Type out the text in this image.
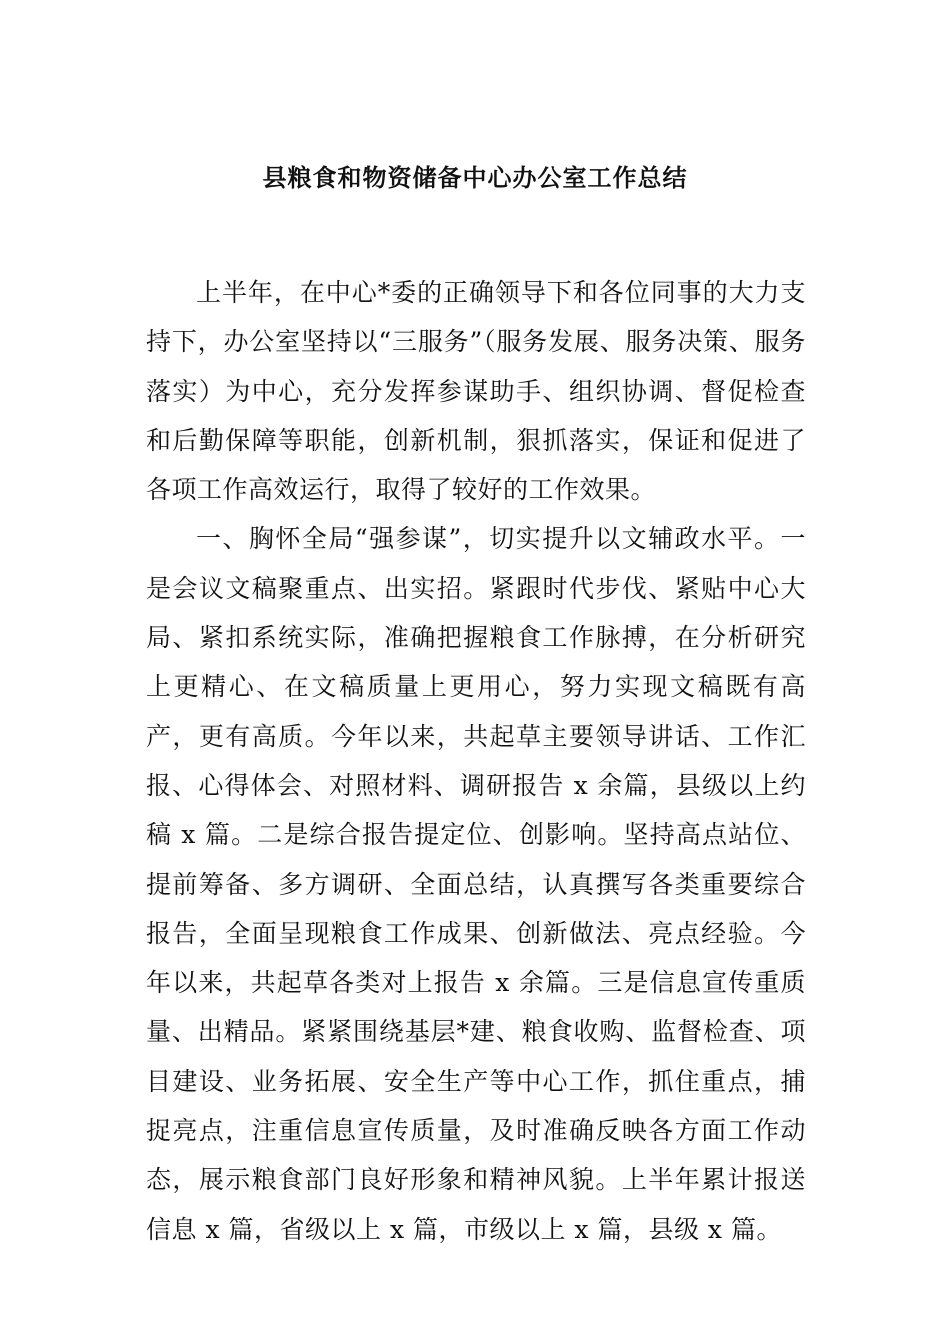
县粮食和物资储备中心办公室工作总结

上半年，在中心*委的正确领导下和各位同事的大力支持下，办公室坚持以“三服务”（服务发展、服务决策、服务落实）为中心，充分发挥参谋助手、组织协调、督促检查和后勤保障等职能，创新机制，狠抓落实，保证和促进了各项工作高效运行，取得了较好的工作效果。

一、胸怀全局“强参谋”，切实提升以文辅政水平。一是会议文稿聚重点、出实招。紧跟时代步伐、紧贴中心大局、紧扣系统实际，准确把握粮食工作脉搏，在分析研究上更精心、在文稿质量上更用心，努力实现文稿既有高产，更有高质。今年以来，共起草主要领导讲话、工作汇报、心得体会、对照材料、调研报告 x 余篇，县级以上约稿 x 篇。二是综合报告提定位、创影响。坚持高点站位、提前筹备、多方调研、全面总结，认真撰写各类重要综合报告，全面呈现粮食工作成果、创新做法、亮点经验。今年以来，共起草各类对上报告 x 余篇。三是信息宣传重质量、出精品。紧紧围绕基层*建、粮食收购、监督检查、项目建设、业务拓展、安全生产等中心工作，抓住重点，捕捉亮点，注重信息宣传质量，及时准确反映各方面工作动态，展示粮食部门良好形象和精神风貌。上半年累计报送信息 x 篇，省级以上 x 篇，市级以上 x 篇，县级 x 篇。
